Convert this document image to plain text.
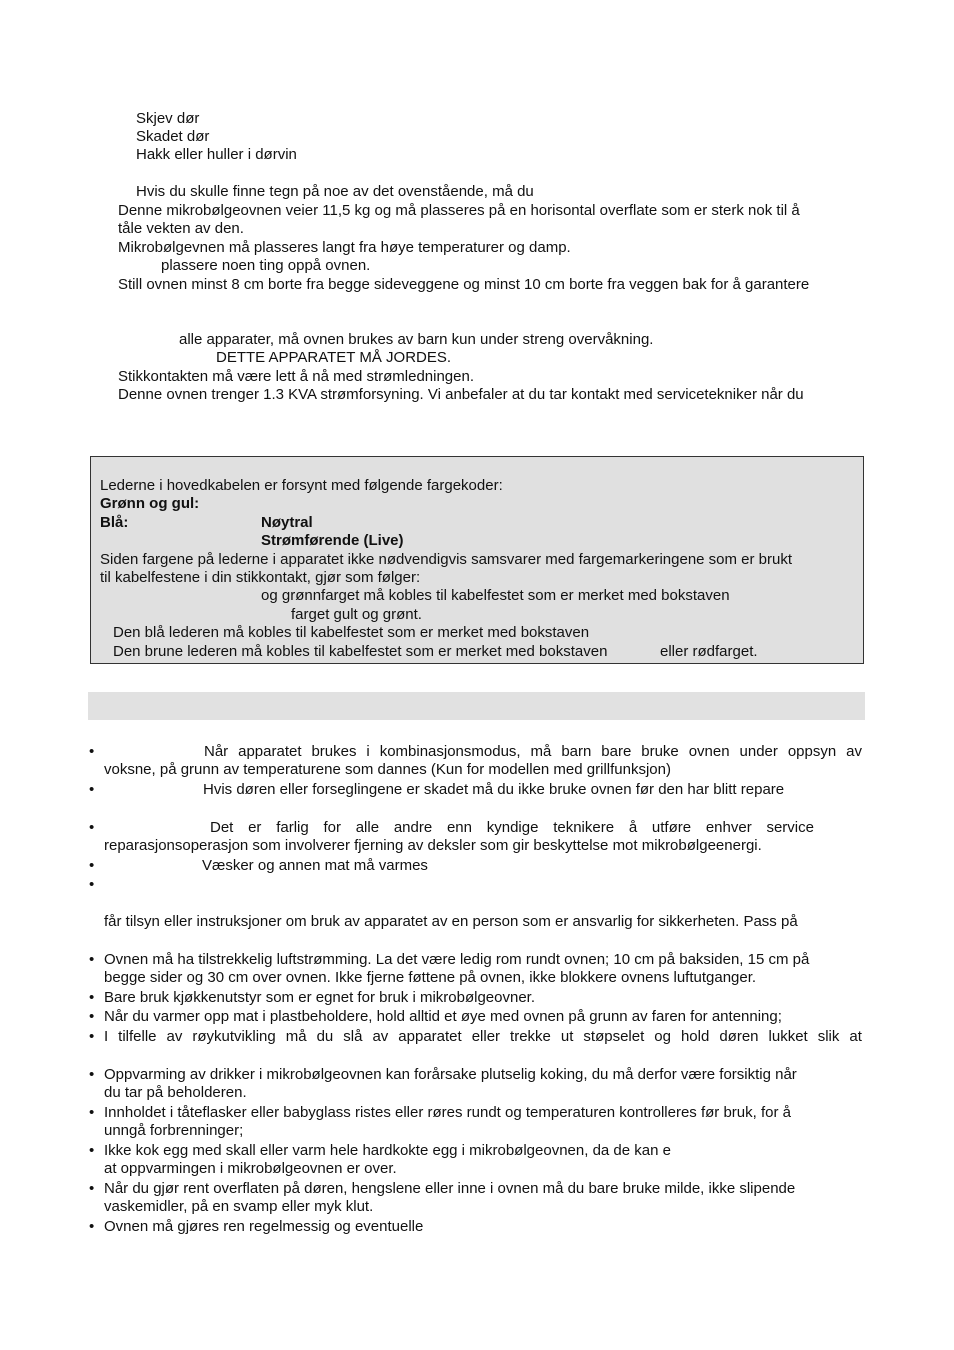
Skjev dør
Skadet dør
Hakk eller huller i dørvin
Hvis du skulle finne tegn på noe av det ovenstående, må du
Denne mikrobølgeovnen veier 11,5 kg og må plasseres på en horisontal overflate som er sterk nok til å
tåle vekten av den.
Mikrobølgevnen må plasseres langt fra høye temperaturer og damp.
plassere noen ting oppå ovnen.
Still ovnen minst 8 cm borte fra begge sideveggene og minst 10 cm borte fra veggen bak for å garantere
alle apparater, må ovnen brukes av barn kun under streng overvåkning.
DETTE APPARATET MÅ JORDES.
Stikkontakten må være lett å nå med strømledningen.
Denne ovnen trenger 1.3 KVA strømforsyning. Vi anbefaler at du tar kontakt med servicetekniker når du
Lederne i hovedkabelen er forsynt med følgende fargekoder:
Grønn og gul:
Blå:	Nøytral
Strømførende (Live)
Siden fargene på lederne i apparatet ikke nødvendigvis samsvarer med fargemarkeringene som er brukt
til kabelfestene i din stikkontakt, gjør som følger:
og grønnfarget må kobles til kabelfestet som er merket med bokstaven
farget gult og grønt.
Den blå lederen må kobles til kabelfestet som er merket med bokstaven
Den brune lederen må kobles til kabelfestet som er merket med bokstaven	eller rødfarget.
•	Når apparatet brukes i kombinasjonsmodus, må barn bare bruke ovnen under oppsyn av
voksne, på grunn av temperaturene som dannes (Kun for modellen med grillfunksjon)
•	Hvis døren eller forseglingene er skadet må du ikke bruke ovnen før den har blitt repare
•	Det er farlig for alle andre enn kyndige teknikere å utføre enhver service
reparasjonsoperasjon som involverer fjerning av deksler som gir beskyttelse mot mikrobølgeenergi.
•	Væsker og annen mat må varmes
•
får tilsyn eller instruksjoner om bruk av apparatet av en person som er ansvarlig for sikkerheten. Pass på
• Ovnen må ha tilstrekkelig luftstrømming. La det være ledig rom rundt ovnen; 10 cm på baksiden, 15 cm på
begge sider og 30 cm over ovnen. Ikke fjerne føttene på ovnen, ikke blokkere ovnens luftutganger.
• Bare bruk kjøkkenutstyr som er egnet for bruk i mikrobølgeovner.
• Når du varmer opp mat i plastbeholdere, hold alltid et øye med ovnen på grunn av faren for antenning;
• I tilfelle av røykutvikling må du slå av apparatet eller trekke ut støpselet og hold døren lukket slik at
• Oppvarming av drikker i mikrobølgeovnen kan forårsake plutselig koking, du må derfor være forsiktig når
du tar på beholderen.
• Innholdet i tåteflasker eller babyglass ristes eller røres rundt og temperaturen kontrolleres før bruk, for å
unngå forbrenninger;
• Ikke kok egg med skall eller varm hele hardkokte egg i mikrobølgeovnen, da de kan e
at oppvarmingen i mikrobølgeovnen er over.
• Når du gjør rent overflaten på døren, hengslene eller inne i ovnen må du bare bruke milde, ikke slipende
vaskemidler, på en svamp eller myk klut.
• Ovnen må gjøres ren regelmessig og eventuelle
